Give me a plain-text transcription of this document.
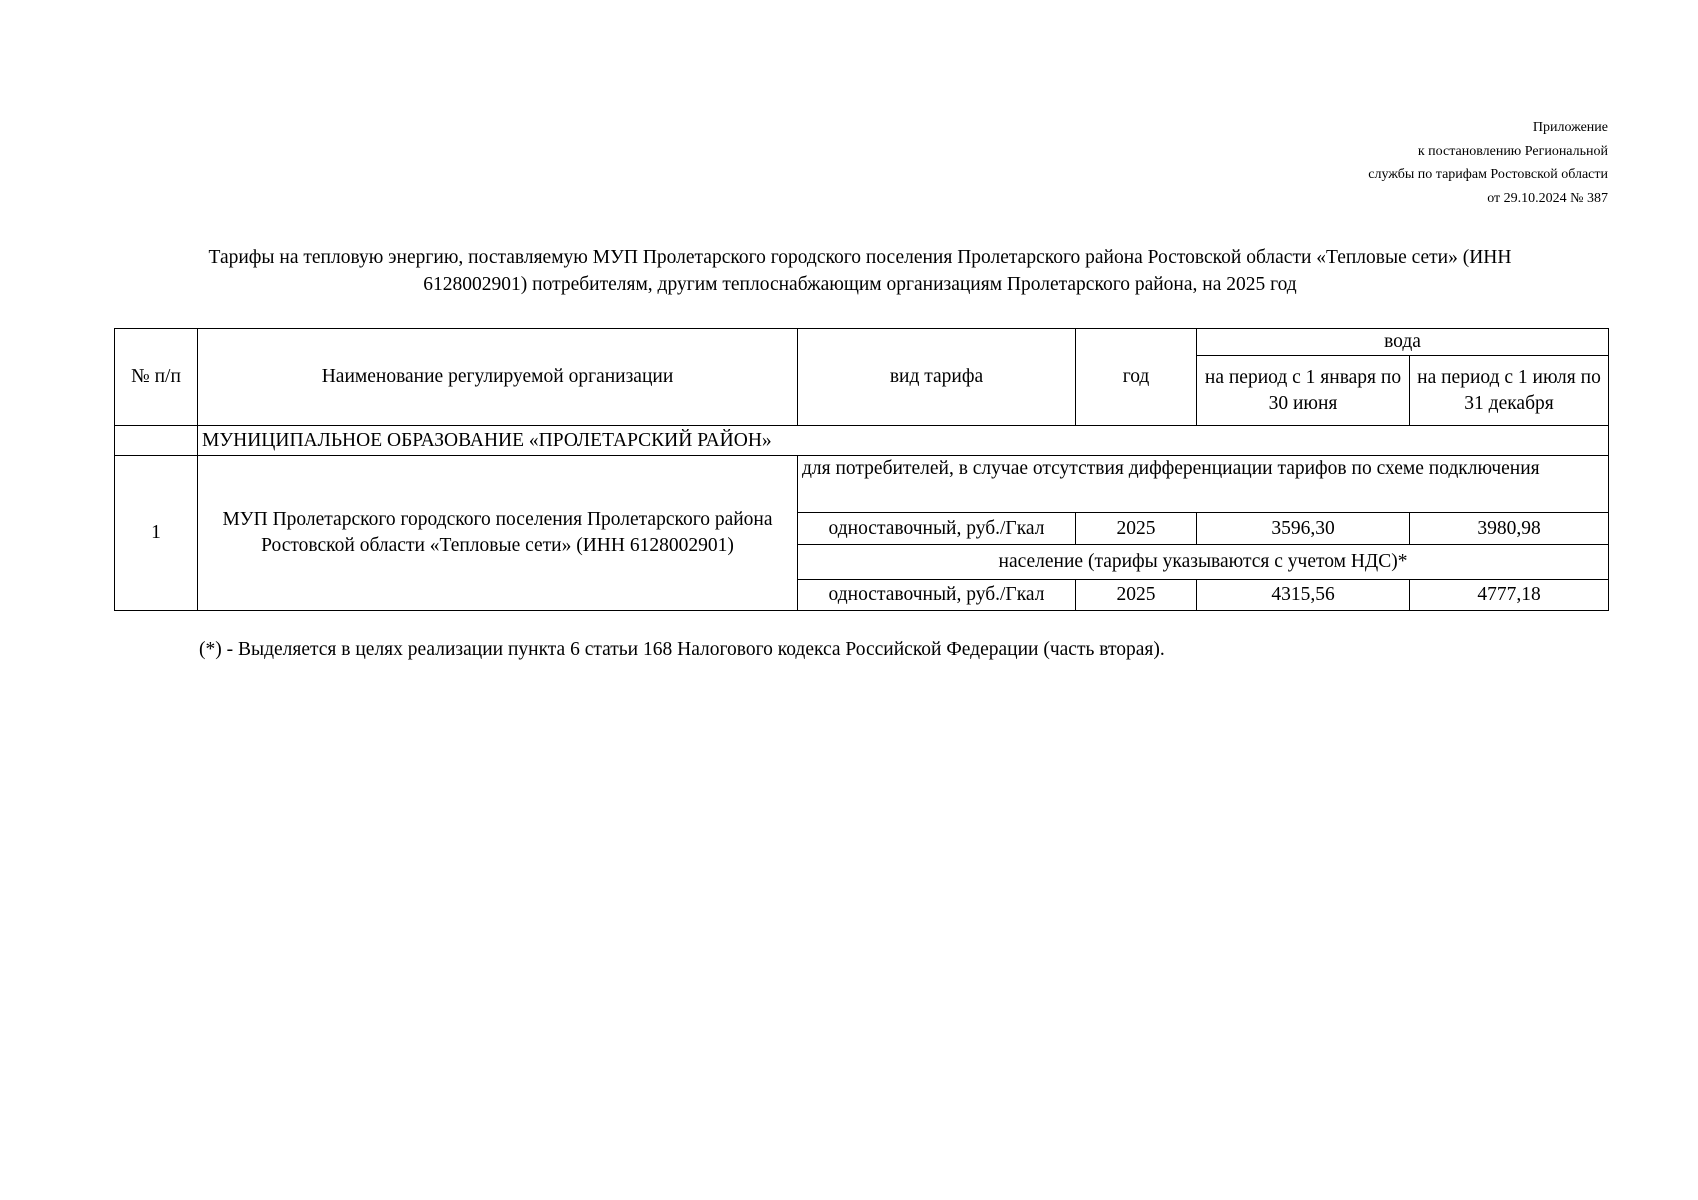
Приложение
к постановлению Региональной
службы по тарифам Ростовской области
от 29.10.2024 № 387
Тарифы на тепловую энергию, поставляемую МУП Пролетарского городского поселения Пролетарского района Ростовской области «Тепловые сети» (ИНН
6128002901) потребителям, другим теплоснабжающим организациям Пролетарского района, на 2025 год
№ п/п	Наименование регулируемой организации	вид тарифа	год	вода	
				на период с 1 января по 30 июня	на период с 1 июля по 31 декабря
	МУНИЦИПАЛЬНОЕ ОБРАЗОВАНИЕ «ПРОЛЕТАРСКИЙ РАЙОН»				
1	МУП Пролетарского городского поселения Пролетарского района Ростовской области «Тепловые сети» (ИНН 6128002901)	для потребителей, в случае отсутствия дифференциации тарифов по схеме подключения			
		одноставочный, руб./Гкал	2025	3596,30	3980,98
		население (тарифы указываются с учетом НДС)*			
		одноставочный, руб./Гкал	2025	4315,56	4777,18
(*) - Выделяется в целях реализации пункта 6 статьи 168 Налогового кодекса Российской Федерации (часть вторая).
